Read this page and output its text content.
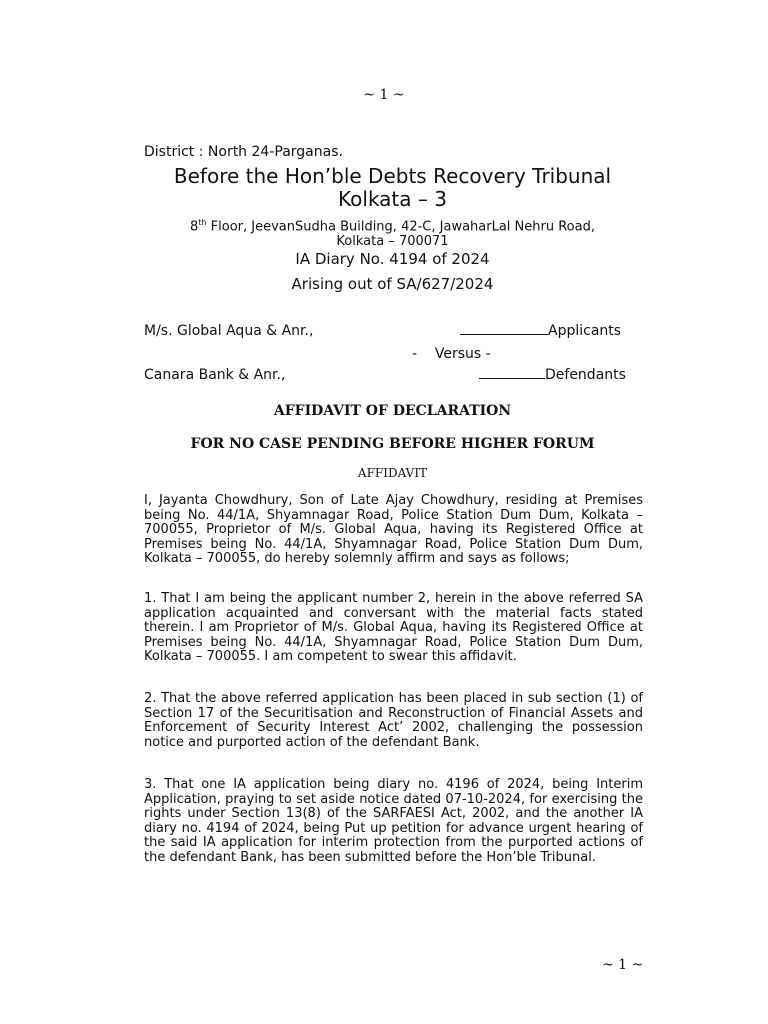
~ 1 ~
District : North 24-Parganas.
Before the Hon’ble Debts Recovery Tribunal
Kolkata – 3
8th Floor, JeevanSudha Building, 42-C, JawaharLal Nehru Road,
Kolkata – 700071
IA Diary No. 4194 of 2024
Arising out of SA/627/2024
M/s. Global Aqua & Anr.,	Applicants
-    Versus -
Canara Bank & Anr.,	Defendants
AFFIDAVIT OF DECLARATION
FOR NO CASE PENDING BEFORE HIGHER FORUM
AFFIDAVIT
I, Jayanta Chowdhury, Son of Late Ajay Chowdhury, residing at Premises being No. 44/1A, Shyamnagar Road, Police Station Dum Dum, Kolkata – 700055, Proprietor of M/s. Global Aqua, having its Registered Office at Premises being No. 44/1A, Shyamnagar Road, Police Station Dum Dum, Kolkata – 700055, do hereby solemnly affirm and says as follows;
1. That I am being the applicant number 2, herein in the above referred SA application acquainted and conversant with the material facts stated therein. I am Proprietor of M/s. Global Aqua, having its Registered Office at Premises being No. 44/1A, Shyamnagar Road, Police Station Dum Dum, Kolkata – 700055. I am competent to swear this affidavit.
2. That the above referred application has been placed in sub section (1) of Section 17 of the Securitisation and Reconstruction of Financial Assets and Enforcement of Security Interest Act’ 2002, challenging the possession notice and purported action of the defendant Bank.
3. That one IA application being diary no. 4196 of 2024, being Interim Application, praying to set aside notice dated 07-10-2024, for exercising the rights under Section 13(8) of the SARFAESI Act, 2002, and the another IA diary no. 4194 of 2024, being Put up petition for advance urgent hearing of the said IA application for interim protection from the purported actions of the defendant Bank, has been submitted before the Hon’ble Tribunal.
~ 1 ~
